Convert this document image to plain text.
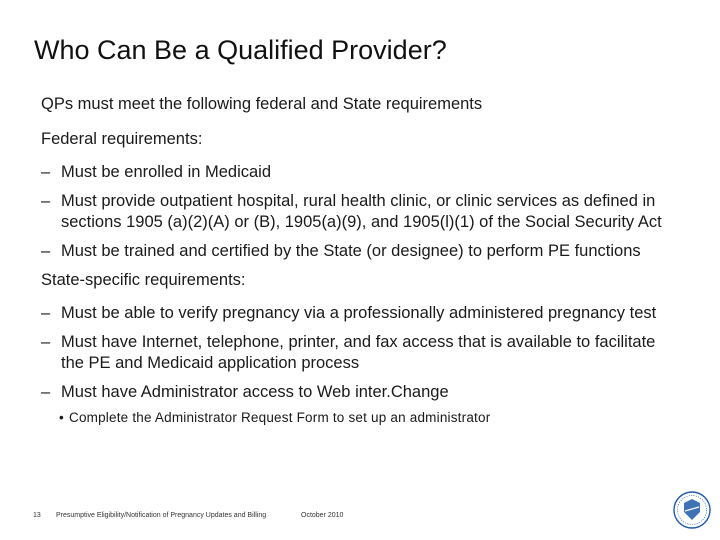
Who Can Be a Qualified Provider?

QPs must meet the following federal and State requirements

Federal requirements:

– Must be enrolled in Medicaid
– Must provide outpatient hospital, rural health clinic, or clinic services as defined in sections 1905 (a)(2)(A) or (B), 1905(a)(9), and 1905(l)(1) of the Social Security Act
– Must be trained and certified by the State (or designee) to perform PE functions

State-specific requirements:

– Must be able to verify pregnancy via a professionally administered pregnancy test
– Must have Internet, telephone, printer, and fax access that is available to facilitate the PE and Medicaid application process
– Must have Administrator access to Web inter.Change
• Complete the Administrator Request Form to set up an administrator
13 Presumptive Eligibility/Notification of Pregnancy Updates and Billing	October 2010
